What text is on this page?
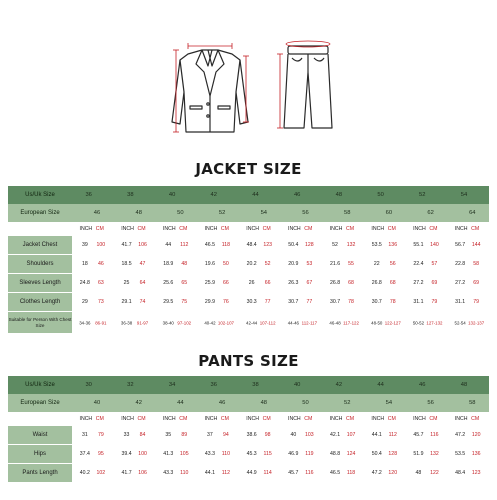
JACKET SIZE
Us/Uk Size	36	38	40	42	44	46	48	50	52	54
European Size	46	48	50	52	54	56	58	60	62	64
INCH CM	INCH CM	INCH CM	INCH CM	INCH CM	INCH CM	INCH CM	INCH CM	INCH CM	INCH CM
Jacket Chest	39 100	41.7 106	44 112	46.5 118	48.4 123	50.4 128	52 132	53.5 136	55.1 140	56.7 144
Shoulders	18 46	18.5 47	18.9 48	19.6 50	20.2 52	20.9 53	21.6 55	22 56	22.4 57	22.8 58
Sleeves Length	24.8 63	25 64	25.6 65	25.9 66	26 66	26.3 67	26.8 68	26.8 68	27.2 69	27.2 69
Clothes Length	29 73	29.1 74	29.5 75	29.9 76	30.3 77	30.7 77	30.7 78	30.7 78	31.1 79	31.1 79
Suitable for Person With Chest Size	34-36 86-91	36-38 91-97	38-40 97-102	40-42 102-107	42-44 107-112	44-46 112-117	46-48 117-122	48-50 122-127	50-52 127-132	52-54 132-137
PANTS SIZE
Us/Uk Size	30	32	34	36	38	40	42	44	46	48
European Size	40	42	44	46	48	50	52	54	56	58
INCH CM	INCH CM	INCH CM	INCH CM	INCH CM	INCH CM	INCH CM	INCH CM	INCH CM	INCH CM
Waist	31 79	33 84	35 89	37 94	38.6 98	40 103	42.1 107	44.1 112	45.7 116	47.2 120
Hips	37.4 95	39.4 100	41.3 105	43.3 110	45.3 115	46.9 119	48.8 124	50.4 128	51.9 132	53.5 136
Pants Length	40.2 102	41.7 106	43.3 110	44.1 112	44.9 114	45.7 116	46.5 118	47.2 120	48 122	48.4 123
